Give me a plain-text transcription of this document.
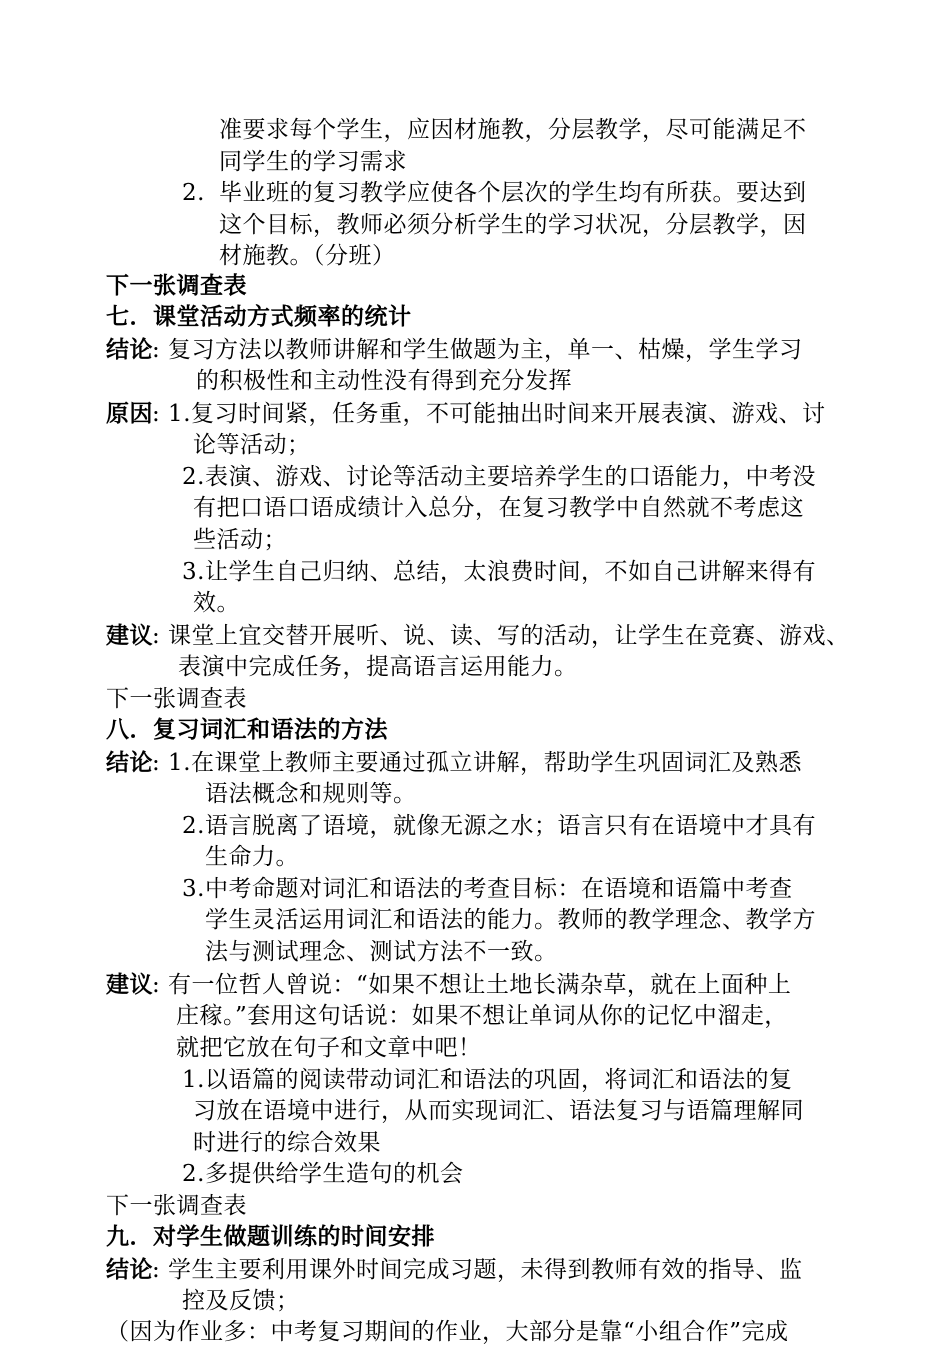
准要求每个学生，应因材施教，分层教学，尽可能满足不
同学生的学习需求
2. 毕业班的复习教学应使各个层次的学生均有所获。要达到
这个目标，教师必须分析学生的学习状况，分层教学，因
材施教。（分班）
下一张调查表
七．课堂活动方式频率的统计
结论 : 复习方法以教师讲解和学生做题为主，单一、枯燥，学生学习
的积极性和主动性没有得到充分发挥
原因 : 1.复习时间紧，任务重，不可能抽出时间来开展表演、游戏、讨
论等活动；
2.表演、游戏、讨论等活动主要培养学生的口语能力，中考没
有把口语口语成绩计入总分，在复习教学中自然就不考虑这
些活动；
3.让学生自己归纳、总结，太浪费时间，不如自己讲解来得有
效。
建议 : 课堂上宜交替开展听、说、读、写的活动，让学生在竞赛、游戏、
表演中完成任务，提高语言运用能力。
下一张调查表
八．复习词汇和语法的方法
结论 : 1.在课堂上教师主要通过孤立讲解，帮助学生巩固词汇及熟悉
语法概念和规则等。
2.语言脱离了语境，就像无源之水；语言只有在语境中才具有
生命力。
3.中考命题对词汇和语法的考查目标：在语境和语篇中考查
学生灵活运用词汇和语法的能力。教师的教学理念、教学方
法与测试理念、测试方法不一致。
建议 : 有一位哲人曾说：“如果不想让土地长满杂草，就在上面种上
庄稼。”套用这句话说：如果不想让单词从你的记忆中溜走，
就把它放在句子和文章中吧！
1.以语篇的阅读带动词汇和语法的巩固，将词汇和语法的复
习放在语境中进行，从而实现词汇、语法复习与语篇理解同
时进行的综合效果
2.多提供给学生造句的机会
下一张调查表
九．对学生做题训练的时间安排
结论 : 学生主要利用课外时间完成习题，未得到教师有效的指导、监
控及反馈；
（因为作业多：中考复习期间的作业，大部分是靠“小组合作”完成
